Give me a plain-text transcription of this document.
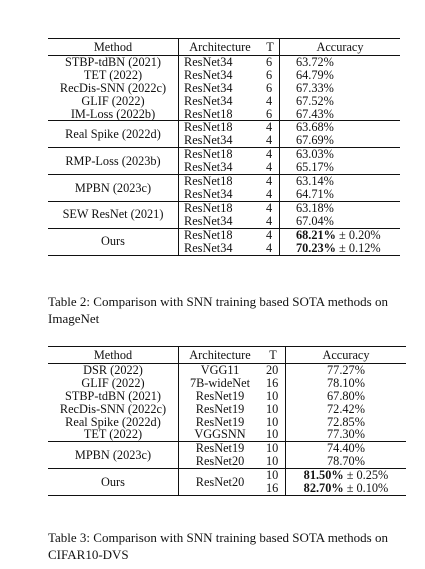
Method	Architecture	T	Accuracy
STBP-tdBN (2021)	ResNet34	6	63.72%
TET (2022)	ResNet34	6	64.79%
RecDis-SNN (2022c)	ResNet34	6	67.33%
GLIF (2022)	ResNet34	4	67.52%
IM-Loss (2022b)	ResNet18	6	67.43%
Real Spike (2022d)	ResNet18	4	63.68%
	ResNet34	4	67.69%
RMP-Loss (2023b)	ResNet18	4	63.03%
	ResNet34	4	65.17%
MPBN (2023c)	ResNet18	4	63.14%
	ResNet34	4	64.71%
SEW ResNet (2021)	ResNet18	4	63.18%
	ResNet34	4	67.04%
Ours	ResNet18	4	68.21% ± 0.20%
	ResNet34	4	70.23% ± 0.12%
Table 2: Comparison with SNN training based SOTA methods on ImageNet
Method	Architecture	T	Accuracy
DSR (2022)	VGG11	20	77.27%
GLIF (2022)	7B-wideNet	16	78.10%
STBP-tdBN (2021)	ResNet19	10	67.80%
RecDis-SNN (2022c)	ResNet19	10	72.42%
Real Spike (2022d)	ResNet19	10	72.85%
TET (2022)	VGGSNN	10	77.30%
MPBN (2023c)	ResNet19	10	74.40%
	ResNet20	10	78.70%
Ours	ResNet20	10	81.50% ± 0.25%
		16	82.70% ± 0.10%
Table 3: Comparison with SNN training based SOTA methods on CIFAR10-DVS
